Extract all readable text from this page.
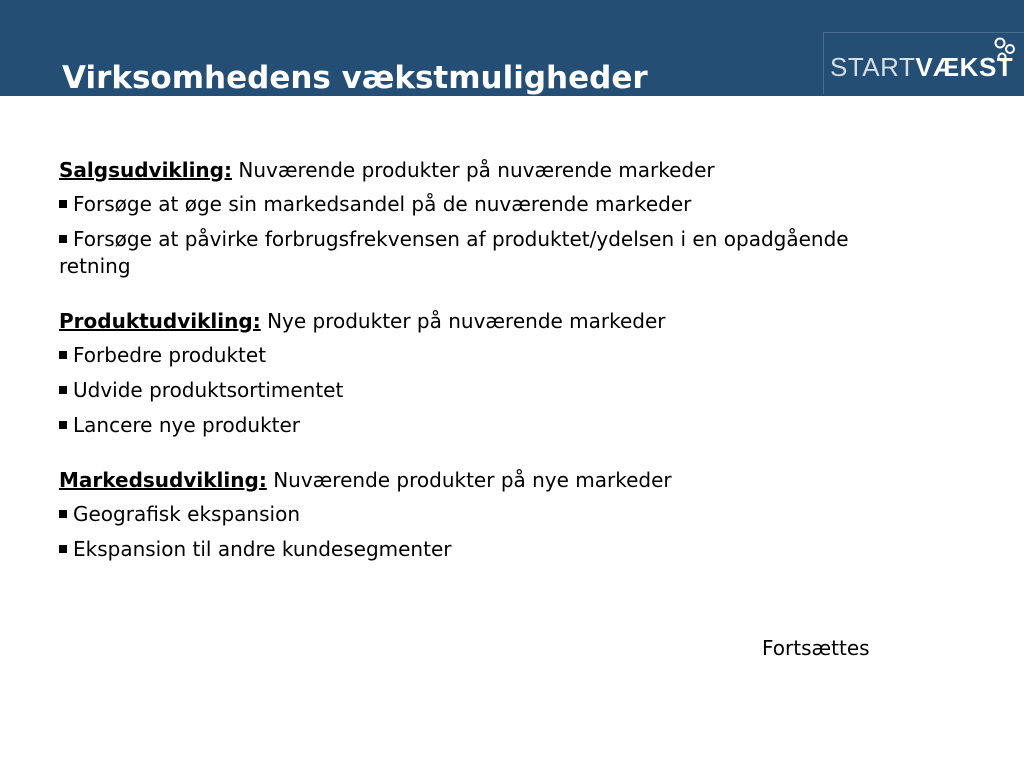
Virksomhedens vækstmuligheder	STARTVÆKST

Salgsudvikling: Nuværende produkter på nuværende markeder

Forsøge at øge sin markedsandel på de nuværende markeder

Forsøge at påvirke forbrugsfrekvensen af produktet/ydelsen i en opadgående retning

Produktudvikling: Nye produkter på nuværende markeder

Forbedre produktet

Udvide produktsortimentet

Lancere nye produkter

Markedsudvikling: Nuværende produkter på nye markeder

Geografisk ekspansion

Ekspansion til andre kundesegmenter

Fortsættes
